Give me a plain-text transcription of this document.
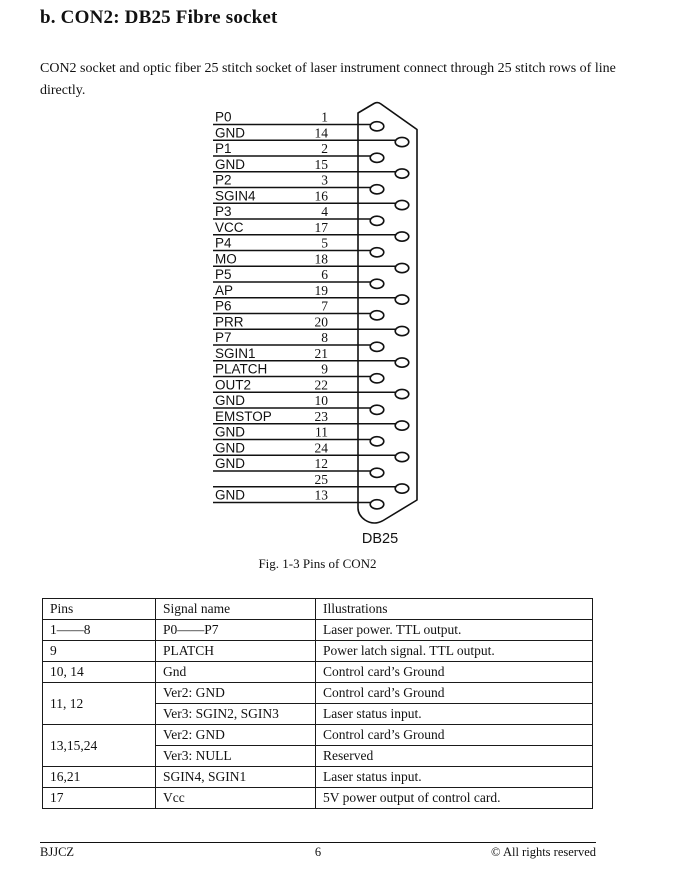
b. CON2: DB25 Fibre socket
CON2 socket and optic fiber 25 stitch socket of laser instrument connect through 25 stitch rows of line directly.
P0	1
GND	14
P1	2
GND	15
P2	3
SGIN4	16
P3	4
VCC	17
P4	5
MO	18
P5	6
AP	19
P6	7
PRR	20
P7	8
SGIN1	21
PLATCH	9
OUT2	22
GND	10
EMSTOP	23
GND	11
GND	24
GND	12
25
GND	13
DB25
Fig. 1-3 Pins of CON2
Pins	Signal name	Illustrations
1——8	P0——P7	Laser power. TTL output.
9	PLATCH	Power latch signal. TTL output.
10, 14	Gnd	Control card’s Ground
11, 12	Ver2: GND	Control card’s Ground
	Ver3: SGIN2, SGIN3	Laser status input.
13,15,24	Ver2: GND	Control card’s Ground
	Ver3: NULL	Reserved
16,21	SGIN4, SGIN1	Laser status input.
17	Vcc	5V power output of control card.
BJJCZ	6	© All rights reserved
